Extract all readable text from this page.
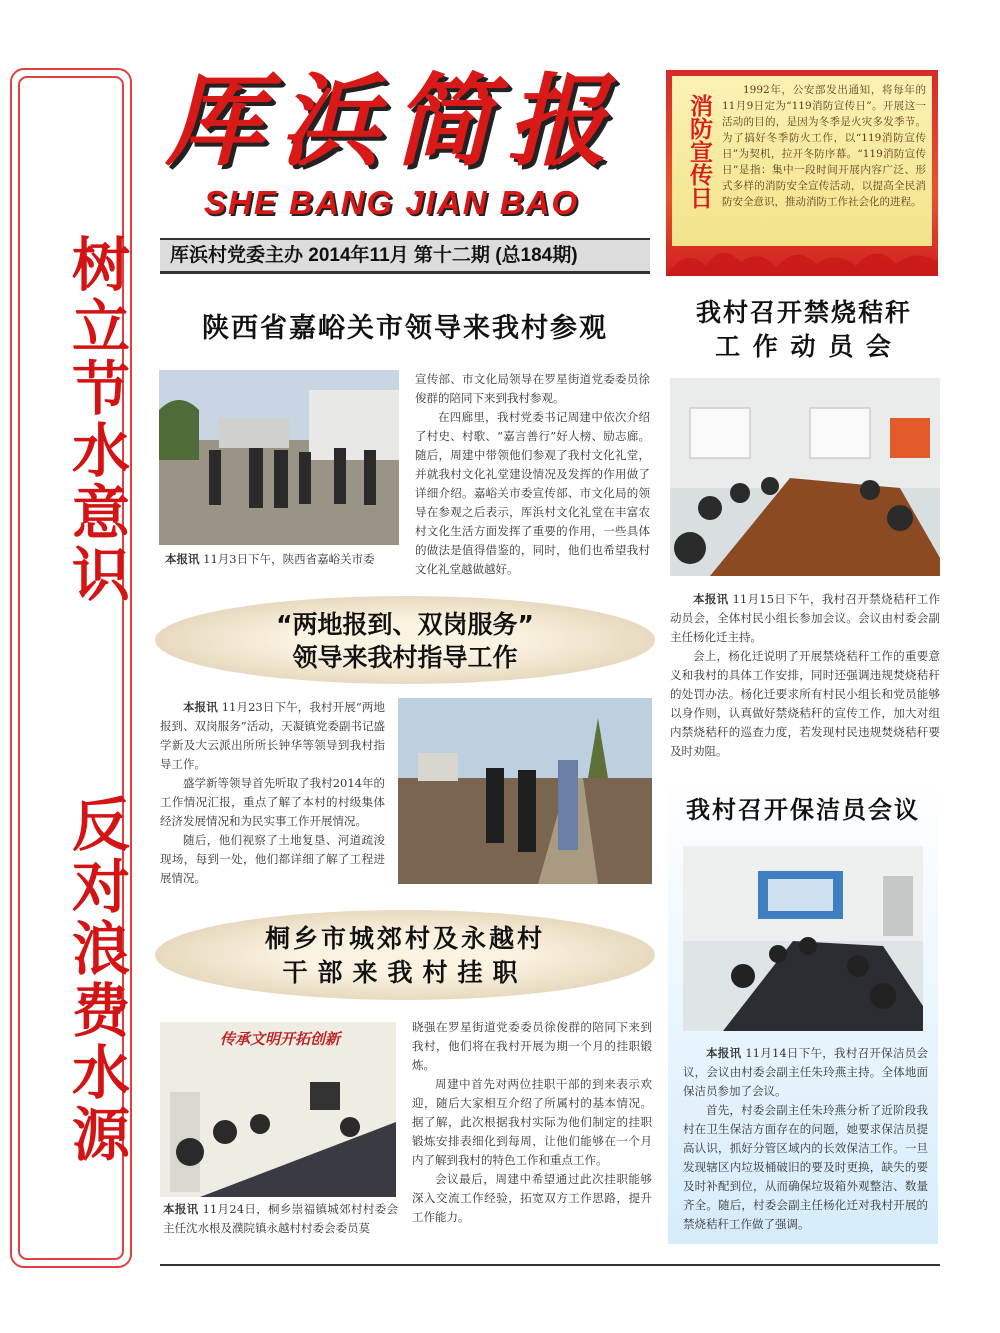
树立节水意识
反对浪费水源
厍浜简报
SHE BANG JIAN BAO
厍浜村党委主办 2014年11月 第十二期 (总184期)
消防宣传日
1992年，公安部发出通知，将每年的11月9日定为“119消防宣传日”。开展这一活动的目的，是因为冬季是火灾多发季节。为了搞好冬季防火工作，以“119消防宣传日”为契机，拉开冬防序幕。“119消防宣传日”是指：集中一段时间开展内容广泛、形式多样的消防安全宣传活动，以提高全民消防安全意识，推动消防工作社会化的进程。
陕西省嘉峪关市领导来我村参观
本报讯 11月3日下午，陕西省嘉峪关市委

宣传部、市文化局领导在罗星街道党委委员徐俊群的陪同下来到我村参观。

在四廊里，我村党委书记周建中依次介绍了村史、村歌、“嘉言善行”好人榜、励志廊。随后，周建中带领他们参观了我村文化礼堂，并就我村文化礼堂建设情况及发挥的作用做了详细介绍。嘉峪关市委宣传部、市文化局的领导在参观之后表示，厍浜村文化礼堂在丰富农村文化生活方面发挥了重要的作用，一些具体的做法是值得借鉴的，同时，他们也希望我村文化礼堂越做越好。

“两地报到、双岗服务”
领导来我村指导工作

本报讯 11月23日下午，我村开展“两地报到、双岗服务”活动，天凝镇党委副书记盛学新及大云派出所所长钟华等领导到我村指导工作。

盛学新等领导首先听取了我村2014年的工作情况汇报，重点了解了本村的村级集体经济发展情况和为民实事工作开展情况。

随后，他们视察了土地复垦、河道疏浚现场，每到一处，他们都详细了解了工程进展情况。

桐乡市城郊村及永越村
干部来我村挂职
传承文明开拓创新
本报讯 11月24日，桐乡崇福镇城郊村村委会主任沈水根及濮院镇永越村村委会委员莫

晓强在罗星街道党委委员徐俊群的陪同下来到我村，他们将在我村开展为期一个月的挂职锻炼。

周建中首先对两位挂职干部的到来表示欢迎，随后大家相互介绍了所属村的基本情况。据了解，此次根据我村实际为他们制定的挂职锻炼安排表细化到每周，让他们能够在一个月内了解到我村的特色工作和重点工作。

会议最后，周建中希望通过此次挂职能够深入交流工作经验，拓宽双方工作思路，提升工作能力。

我村召开禁烧秸秆
工 作 动 员 会

本报讯 11月15日下午，我村召开禁烧秸秆工作动员会，全体村民小组长参加会议。会议由村委会副主任杨化迁主持。

会上，杨化迁说明了开展禁烧秸秆工作的重要意义和我村的具体工作安排，同时还强调违规焚烧秸秆的处罚办法。杨化迁要求所有村民小组长和党员能够以身作则，认真做好禁烧秸秆的宣传工作，加大对组内禁烧秸秆的巡查力度，若发现村民违规焚烧秸秆要及时劝阻。

我村召开保洁员会议

本报讯 11月14日下午，我村召开保洁员会议，会议由村委会副主任朱玲燕主持。全体地面保洁员参加了会议。

首先，村委会副主任朱玲燕分析了近阶段我村在卫生保洁方面存在的问题，她要求保洁员提高认识，抓好分管区域内的长效保洁工作。一旦发现辖区内垃圾桶破旧的要及时更换，缺失的要及时补配到位，从而确保垃圾箱外观整洁、数量齐全。随后，村委会副主任杨化迁对我村开展的禁烧秸秆工作做了强调。
